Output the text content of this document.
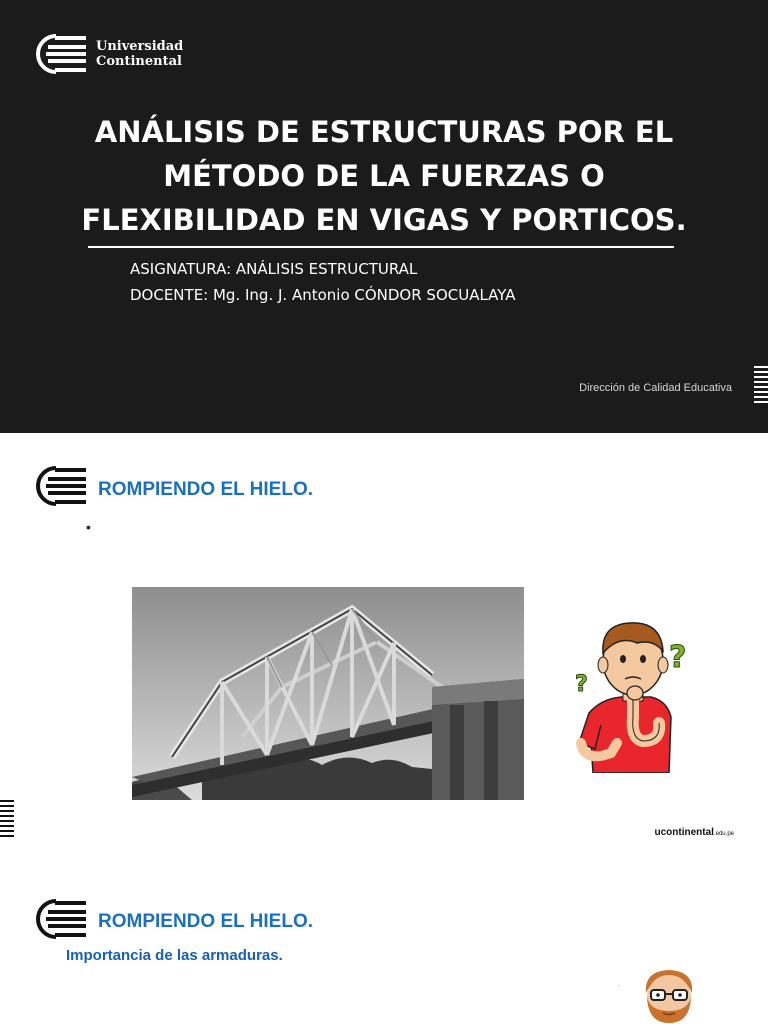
Universidad
Continental
ANÁLISIS DE ESTRUCTURAS POR EL
MÉTODO DE LA FUERZAS O
FLEXIBILIDAD EN VIGAS Y PORTICOS.
ASIGNATURA: ANÁLISIS ESTRUCTURAL
DOCENTE: Mg. Ing. J. Antonio CÓNDOR SOCUALAYA
Dirección de Calidad Educativa
ROMPIENDO EL HIELO.
•
?
?
ucontinental.edu.pe
ROMPIENDO EL HIELO.
Importancia de las armaduras.
.
